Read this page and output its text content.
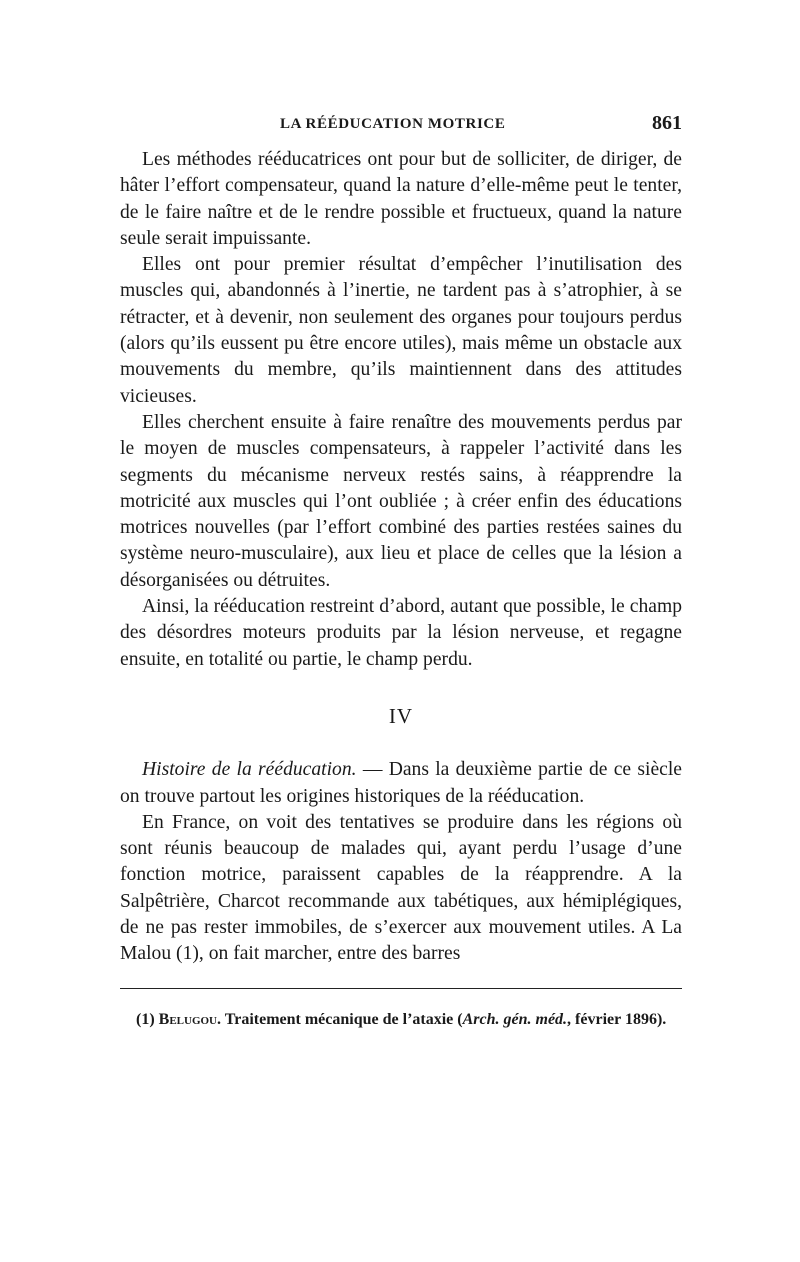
LA RÉÉDUCATION MOTRICE	861

Les méthodes rééducatrices ont pour but de solliciter, de diriger, de hâter l’effort compensateur, quand la nature d’elle-même peut le tenter, de le faire naître et de le rendre possible et fructueux, quand la nature seule serait impuissante.

Elles ont pour premier résultat d’empêcher l’inutilisation des muscles qui, abandonnés à l’inertie, ne tardent pas à s’atrophier, à se rétracter, et à devenir, non seulement des organes pour toujours perdus (alors qu’ils eussent pu être encore utiles), mais même un obstacle aux mouvements du membre, qu’ils maintiennent dans des attitudes vicieuses.

Elles cherchent ensuite à faire renaître des mouvements perdus par le moyen de muscles compensateurs, à rappeler l’activité dans les segments du mécanisme nerveux restés sains, à réapprendre la motricité aux muscles qui l’ont oubliée ; à créer enfin des éducations motrices nouvelles (par l’effort combiné des parties restées saines du système neuro-musculaire), aux lieu et place de celles que la lésion a désorganisées ou détruites.

Ainsi, la rééducation restreint d’abord, autant que possible, le champ des désordres moteurs produits par la lésion nerveuse, et regagne ensuite, en totalité ou partie, le champ perdu.

IV

Histoire de la rééducation. — Dans la deuxième partie de ce siècle on trouve partout les origines historiques de la rééducation.

En France, on voit des tentatives se produire dans les régions où sont réunis beaucoup de malades qui, ayant perdu l’usage d’une fonction motrice, paraissent capables de la réapprendre. A la Salpêtrière, Charcot recommande aux tabétiques, aux hémiplégiques, de ne pas rester immobiles, de s’exercer aux mouvement utiles. A La Malou (1), on fait marcher, entre des barres

(1) Belugou. Traitement mécanique de l’ataxie (Arch. gén. méd., février 1896).
